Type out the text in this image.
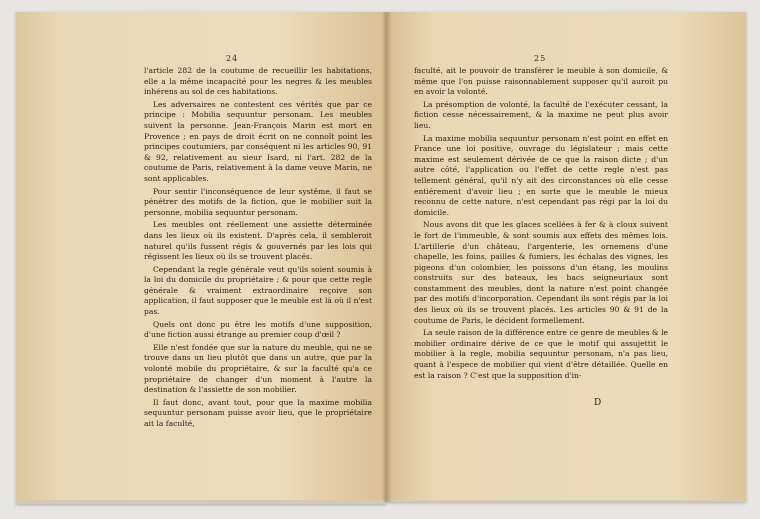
24

l'article 282 de la coutume de recueillir les habitations, elle a la même incapacité pour les negres & les meubles inhérens au sol de ces habitations.

Les adversaires ne contestent ces vérités que par ce principe : Mobilia sequuntur personam. Les meubles suivent la personne. Jean-François Marin est mort en Provence ; en pays de droit écrit on ne connoît point les principes coutumiers, par conséquent ni les articles 90, 91 & 92, relativement au sieur Isard, ni l'art. 282 de la coutume de Paris, relativement à la dame veuve Marin, ne sont applicables.

Pour sentir l'inconséquence de leur systême, il faut se pénétrer des motifs de la fiction, que le mobilier suit la personne, mobilia sequuntur personam.

Les meubles ont réellement une assiette déterminée dans les lieux où ils existent. D'après cela, il sembleroit naturel qu'ils fussent régis & gouvernés par les lois qui régissent les lieux où ils se trouvent placés.

Cependant la regle générale veut qu'ils soient soumis à la loi du domicile du propriétaire ; & pour que cette regle générale & vraiment extraordinaire reçoive son application, il faut supposer que le meuble est là où il n'est pas.

Quels ont donc pu être les motifs d'une supposition, d'une fiction aussi étrange au premier coup d'œil ?

Elle n'est fondée que sur la nature du meuble, qui ne se trouve dans un lieu plutôt que dans un autre, que par la volonté mobile du propriétaire, & sur la faculté qu'a ce propriétaire de changer d'un moment à l'autre la destination & l'assiette de son mobilier.

Il faut donc, avant tout, pour que la maxime mobilia sequuntur personam puisse avoir lieu, que le propriétaire ait la faculté,

25

faculté, ait le pouvoir de transférer le meuble à son domicile, & même que l'on puisse raisonnablement supposer qu'il auroit pu en avoir la volonté.

La présomption de volonté, la faculté de l'exécuter cessant, la fiction cesse nécessairement, & la maxime ne peut plus avoir lieu.

La maxime mobilia sequuntur personam n'est point en effet en France une loi positive, ouvrage du législateur ; mais cette maxime est seulement dérivée de ce que la raison dicte ; d'un autre côté, l'application ou l'effet de cette regle n'est pas tellement général, qu'il n'y ait des circonstances où elle cesse entiérement d'avoir lieu ; en sorte que le meuble le mieux reconnu de cette nature, n'est cependant pas régi par la loi du domicile.

Nous avons dit que les glaces scellées à fer & à cloux suivent le fort de l'immeuble, & sont soumis aux effets des mêmes lois. L'artillerie d'un château, l'argenterie, les ornemens d'une chapelle, les foins, pailles & fumiers, les échalas des vignes, les pigeons d'un colombier, les poissons d'un étang, les moulins construits sur des bateaux, les bacs seigneuriaux sont constamment des meubles, dont la nature n'est point changée par des motifs d'incorporation. Cependant ils sont régis par la loi des lieux où ils se trouvent placés. Les articles 90 & 91 de la coutume de Paris, le décident formellement.

La seule raison de la différence entre ce genre de meubles & le mobilier ordinaire dérive de ce que le motif qui assujettit le mobilier à la regle, mobilia sequuntur personam, n'a pas lieu, quant à l'espece de mobilier qui vient d'être détaillée. Quelle en est la raison ? C'est que la supposition d'in-

D
